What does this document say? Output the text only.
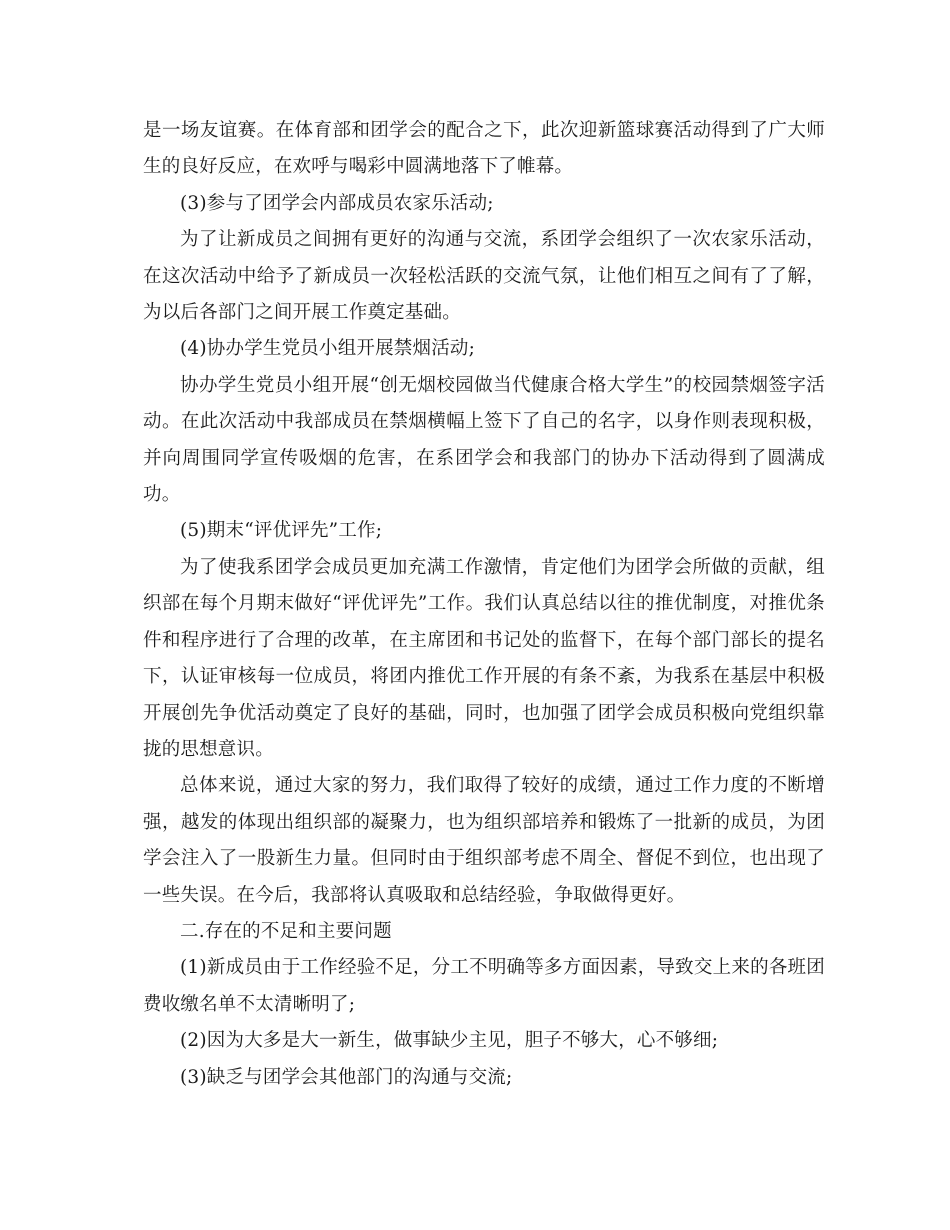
是一场友谊赛。在体育部和团学会的配合之下，此次迎新篮球赛活动得到了广大师生的良好反应，在欢呼与喝彩中圆满地落下了帷幕。

(3)参与了团学会内部成员农家乐活动;

为了让新成员之间拥有更好的沟通与交流，系团学会组织了一次农家乐活动，在这次活动中给予了新成员一次轻松活跃的交流气氛，让他们相互之间有了了解，为以后各部门之间开展工作奠定基础。

(4)协办学生党员小组开展禁烟活动;

协办学生党员小组开展“创无烟校园做当代健康合格大学生”的校园禁烟签字活动。在此次活动中我部成员在禁烟横幅上签下了自己的名字，以身作则表现积极，并向周围同学宣传吸烟的危害，在系团学会和我部门的协办下活动得到了圆满成功。

(5)期末“评优评先”工作;

为了使我系团学会成员更加充满工作激情，肯定他们为团学会所做的贡献，组织部在每个月期末做好“评优评先”工作。我们认真总结以往的推优制度，对推优条件和程序进行了合理的改革，在主席团和书记处的监督下，在每个部门部长的提名下，认证审核每一位成员，将团内推优工作开展的有条不紊，为我系在基层中积极开展创先争优活动奠定了良好的基础，同时，也加强了团学会成员积极向党组织靠拢的思想意识。

总体来说，通过大家的努力，我们取得了较好的成绩，通过工作力度的不断增强，越发的体现出组织部的凝聚力，也为组织部培养和锻炼了一批新的成员，为团学会注入了一股新生力量。但同时由于组织部考虑不周全、督促不到位，也出现了一些失误。在今后，我部将认真吸取和总结经验，争取做得更好。

二.存在的不足和主要问题

(1)新成员由于工作经验不足，分工不明确等多方面因素，导致交上来的各班团费收缴名单不太清晰明了;

(2)因为大多是大一新生，做事缺少主见，胆子不够大，心不够细;

(3)缺乏与团学会其他部门的沟通与交流;
